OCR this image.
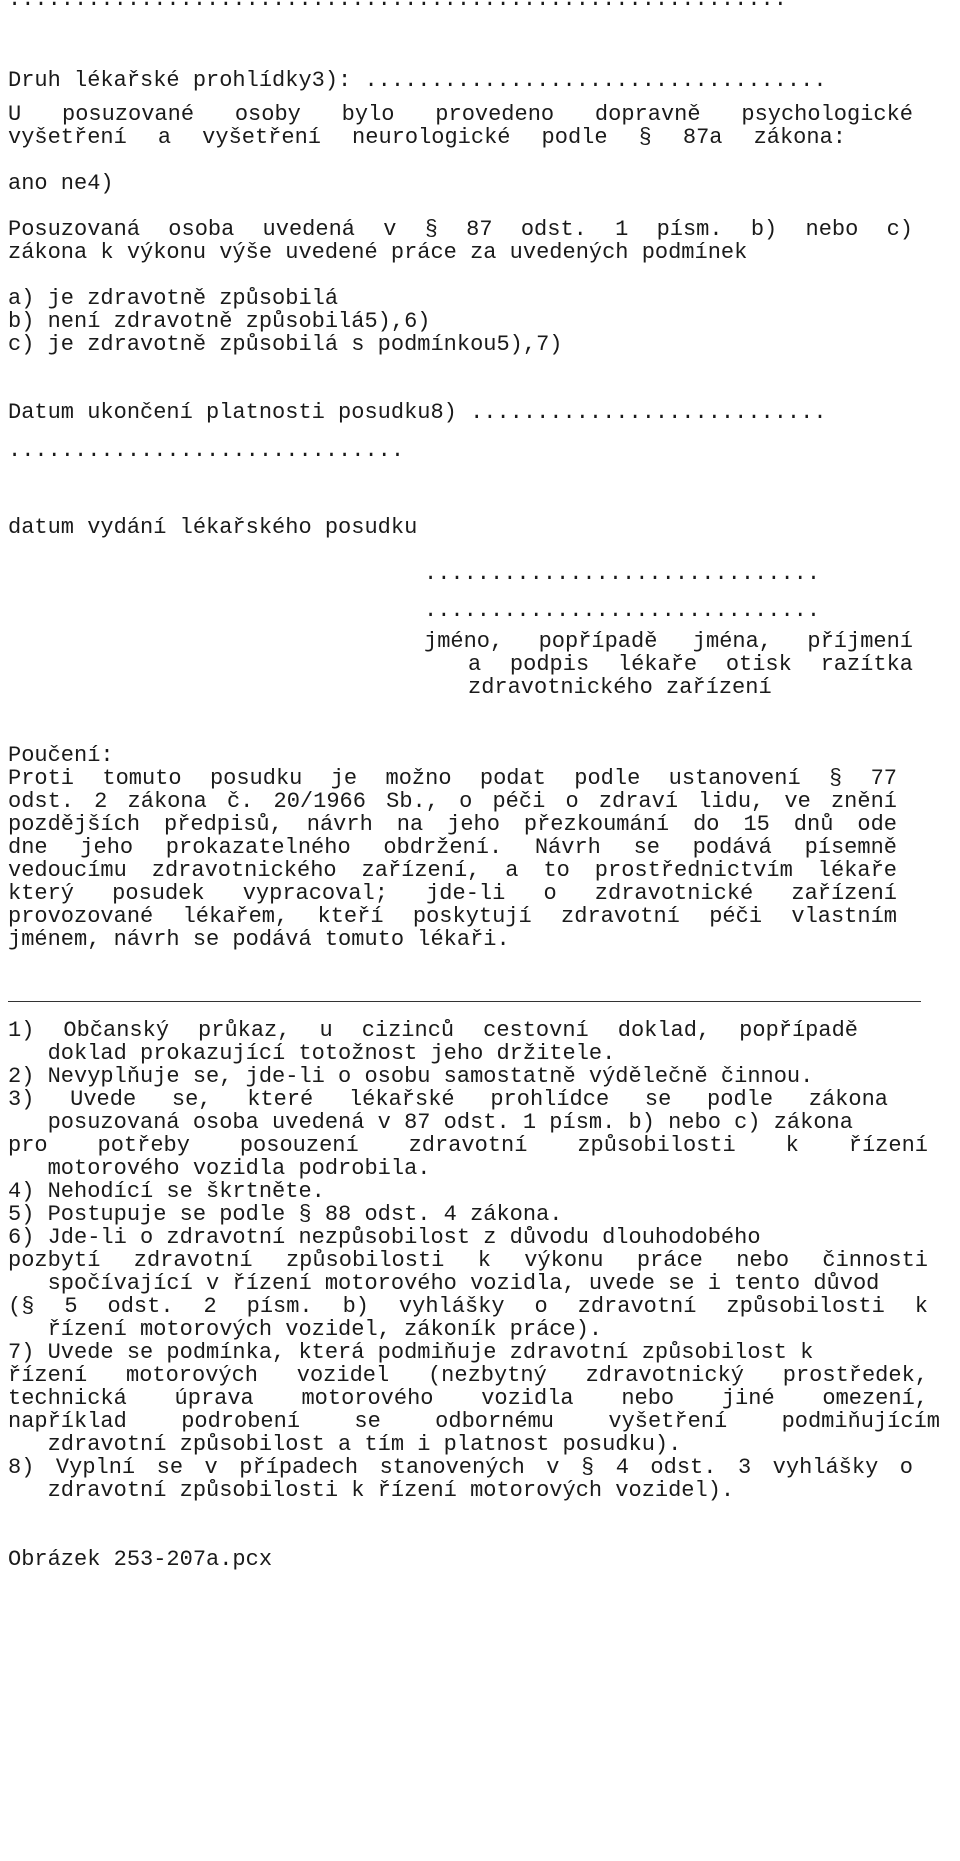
Druh lékařské prohlídky3): ...................................
U posuzované osoby bylo provedeno dopravně psychologické
vyšetření a vyšetření neurologické podle § 87a zákona:
ano ne4)
Posuzovaná osoba uvedená v § 87 odst. 1 písm. b) nebo c)
zákona k výkonu výše uvedené práce za uvedených podmínek
a) je zdravotně způsobilá
b) není zdravotně způsobilá5),6)
c) je zdravotně způsobilá s podmínkou5),7)
Datum ukončení platnosti posudku8) ...........................
..............................
datum vydání lékařského posudku
..............................
..............................
jméno, popřípadě jména, příjmení
a podpis lékaře otisk razítka
zdravotnického zařízení
Poučení:
Proti tomuto posudku je možno podat podle ustanovení § 77
odst. 2 zákona č. 20/1966 Sb., o péči o zdraví lidu, ve znění
pozdějších předpisů, návrh na jeho přezkoumání do 15 dnů ode
dne jeho prokazatelného obdržení. Návrh se podává písemně
vedoucímu zdravotnického zařízení, a to prostřednictvím lékaře
který posudek vypracoval; jde-li o zdravotnické zařízení
provozované lékařem, kteří poskytují zdravotní péči vlastním
jménem, návrh se podává tomuto lékaři.
1) Občanský průkaz, u cizinců cestovní doklad, popřípadě
doklad prokazující totožnost jeho držitele.
2) Nevyplňuje se, jde-li o osobu samostatně výdělečně činnou.
3) Uvede se, které lékařské prohlídce se podle zákona
posuzovaná osoba uvedená v 87 odst. 1 písm. b) nebo c) zákona
pro potřeby posouzení zdravotní způsobilosti k řízení
motorového vozidla podrobila.
4) Nehodící se škrtněte.
5) Postupuje se podle § 88 odst. 4 zákona.
6) Jde-li o zdravotní nezpůsobilost z důvodu dlouhodobého
pozbytí zdravotní způsobilosti k výkonu práce nebo činnosti
spočívající v řízení motorového vozidla, uvede se i tento důvod
(§ 5 odst. 2 písm. b) vyhlášky o zdravotní způsobilosti k
řízení motorových vozidel, zákoník práce).
7) Uvede se podmínka, která podmiňuje zdravotní způsobilost k
řízení motorových vozidel (nezbytný zdravotnický prostředek,
technická úprava motorového vozidla nebo jiné omezení,
například podrobení se odbornému vyšetření podmiňujícím
zdravotní způsobilost a tím i platnost posudku).
8) Vyplní se v případech stanovených v § 4 odst. 3 vyhlášky o
zdravotní způsobilosti k řízení motorových vozidel).
Obrázek 253-207a.pcx
